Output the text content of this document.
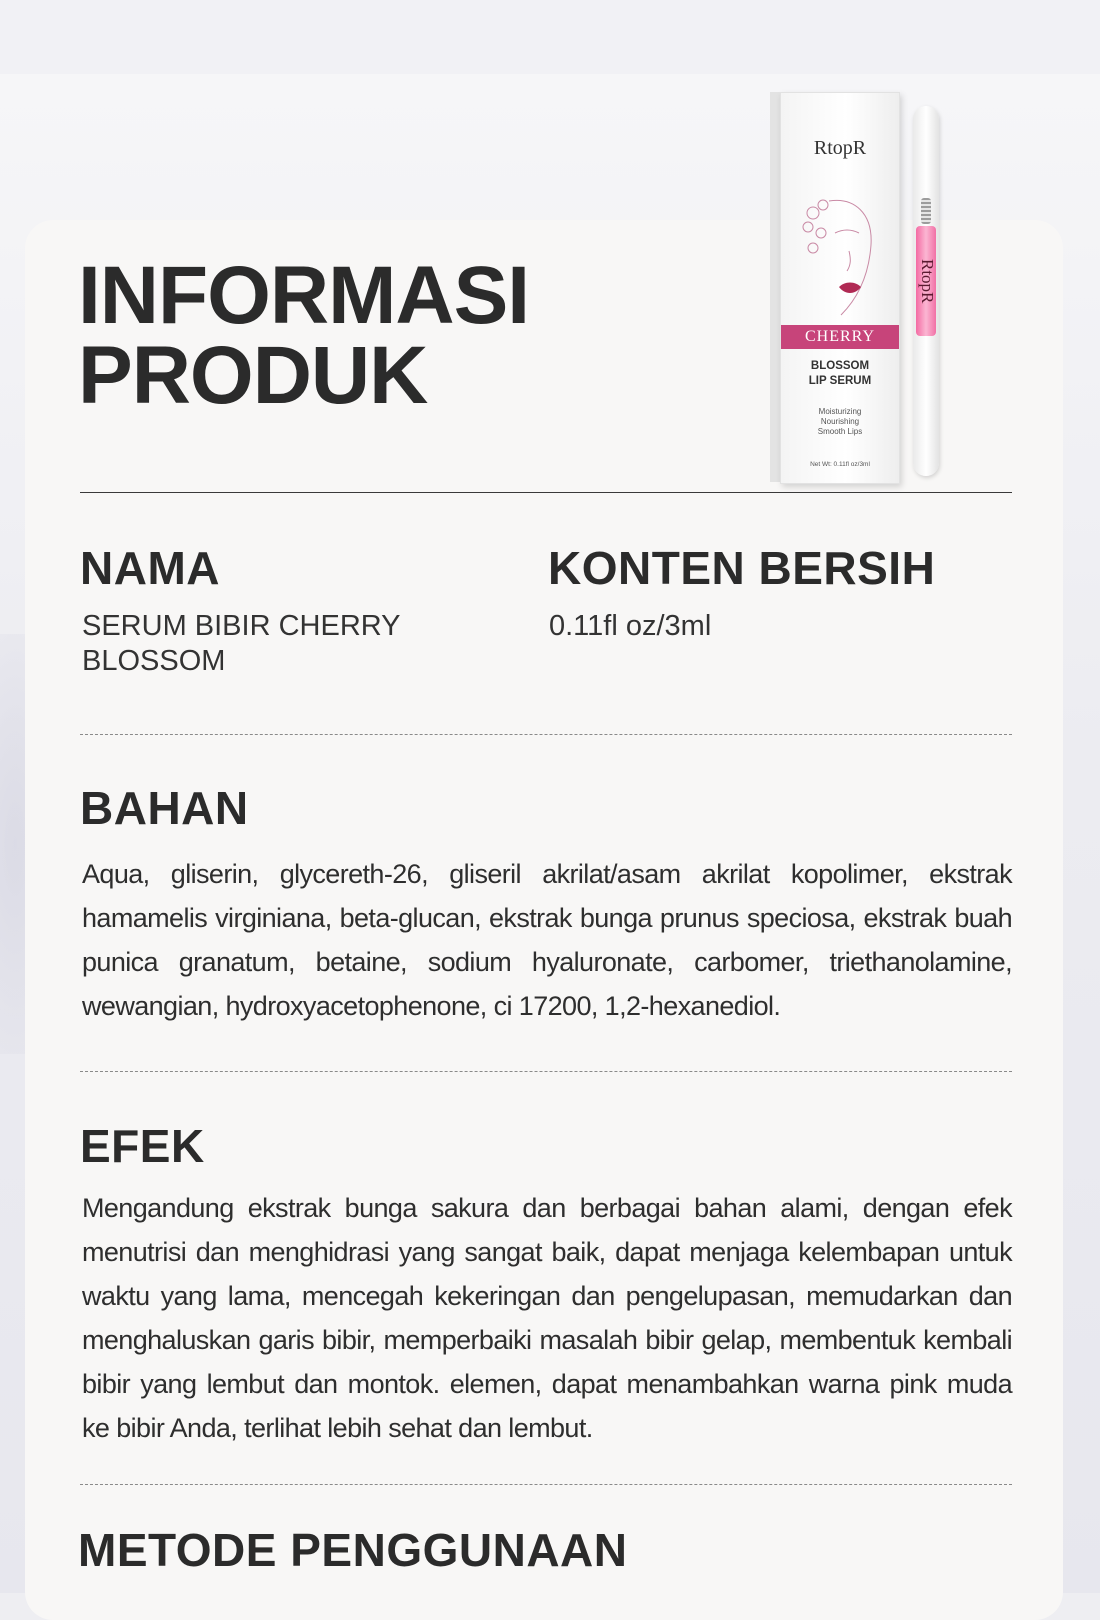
INFORMASI
PRODUK
RtopR
CHERRY
BLOSSOM
LIP SERUM
Moisturizing
Nourishing
Smooth Lips
Net Wt: 0.11fl oz/3ml
RtopR
NAMA

SERUM BIBIR CHERRY BLOSSOM

KONTEN BERSIH

0.11fl oz/3ml

BAHAN

Aqua, gliserin, glycereth-26, gliseril akrilat/asam akrilat kopolimer, ekstrak hamamelis virginiana, beta-glucan, ekstrak bunga prunus speciosa, ekstrak buah punica granatum, betaine, sodium hyaluronate, carbomer, triethanolamine, wewangian, hydroxyacetophenone, ci 17200, 1,2-hexanediol.

EFEK

Mengandung ekstrak bunga sakura dan berbagai bahan alami, dengan efek menutrisi dan menghidrasi yang sangat baik, dapat menjaga kelembapan untuk waktu yang lama, mencegah kekeringan dan pengelupasan, memudarkan dan menghaluskan garis bibir, memperbaiki masalah bibir gelap, membentuk kembali bibir yang lembut dan montok. elemen, dapat menambahkan warna pink muda ke bibir Anda, terlihat lebih sehat dan lembut.

METODE PENGGUNAAN
